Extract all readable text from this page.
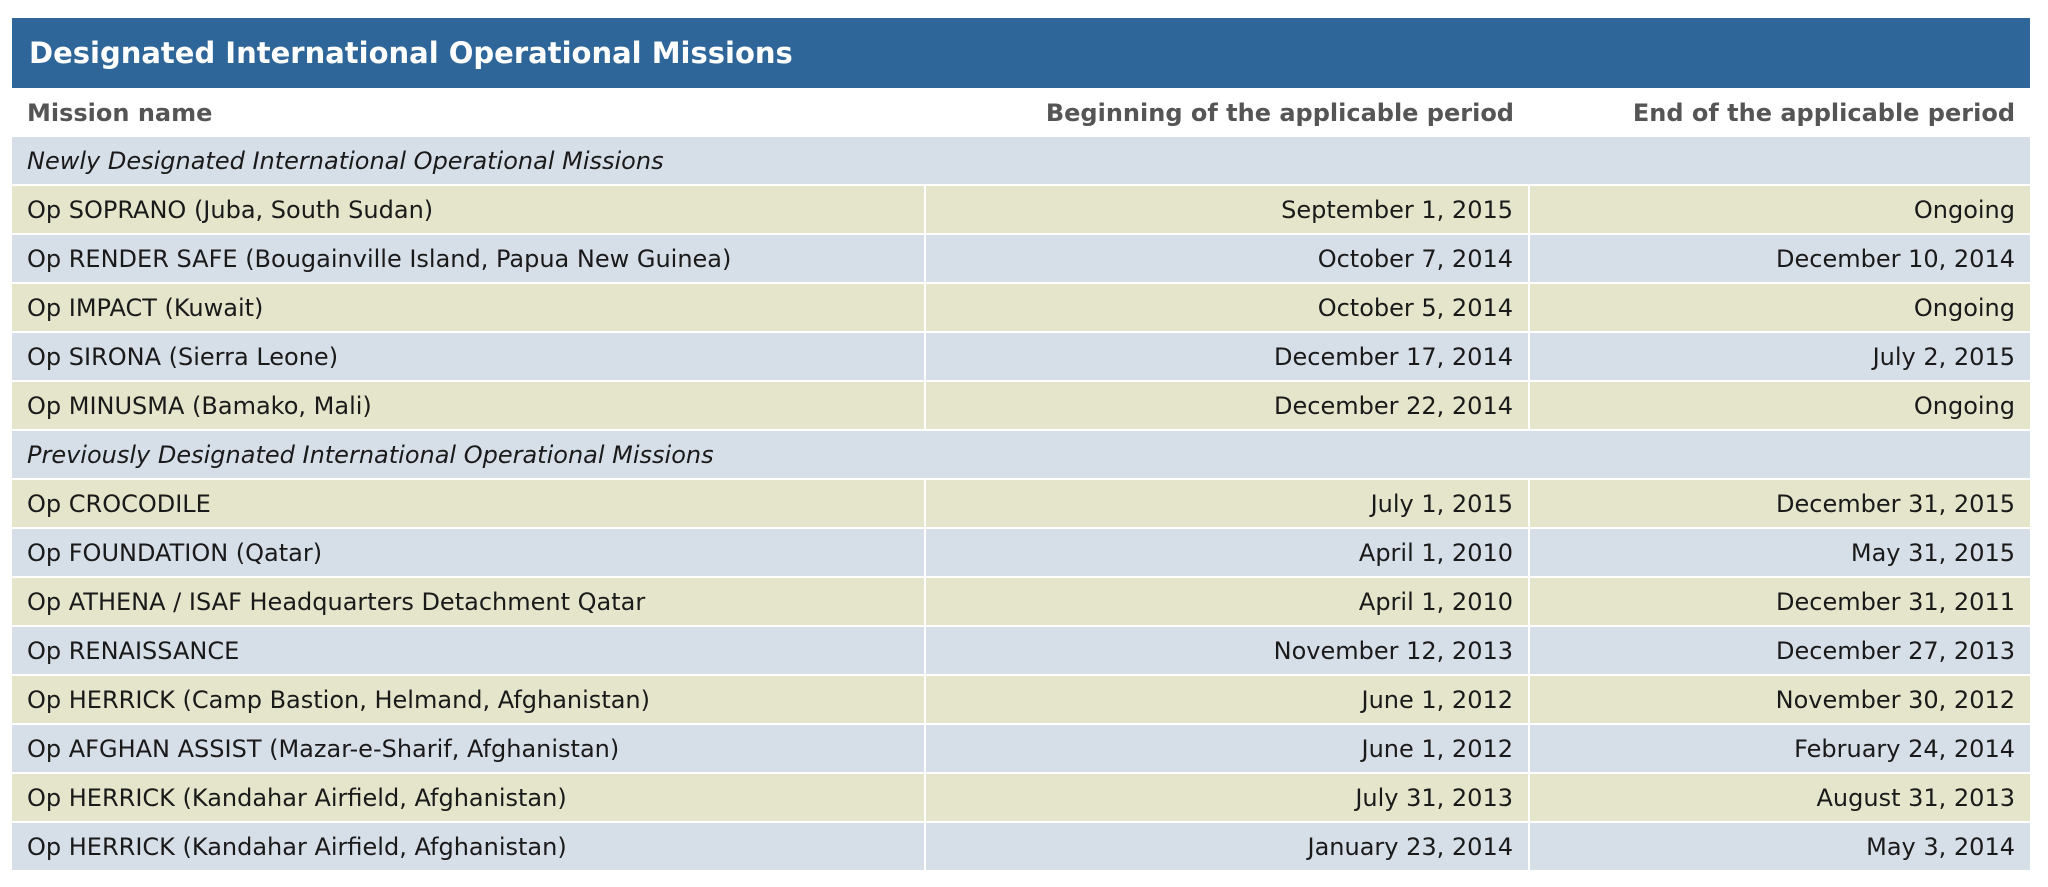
Designated International Operational Missions
Mission name	Beginning of the applicable period	End of the applicable period
Newly Designated International Operational Missions		
Op SOPRANO (Juba, South Sudan)	September 1, 2015	Ongoing
Op RENDER SAFE (Bougainville Island, Papua New Guinea)	October 7, 2014	December 10, 2014
Op IMPACT (Kuwait)	October 5, 2014	Ongoing
Op SIRONA (Sierra Leone)	December 17, 2014	July 2, 2015
Op MINUSMA (Bamako, Mali)	December 22, 2014	Ongoing
Previously Designated International Operational Missions		
Op CROCODILE	July 1, 2015	December 31, 2015
Op FOUNDATION (Qatar)	April 1, 2010	May 31, 2015
Op ATHENA / ISAF Headquarters Detachment Qatar	April 1, 2010	December 31, 2011
Op RENAISSANCE	November 12, 2013	December 27, 2013
Op HERRICK (Camp Bastion, Helmand, Afghanistan)	June 1, 2012	November 30, 2012
Op AFGHAN ASSIST (Mazar-e-Sharif, Afghanistan)	June 1, 2012	February 24, 2014
Op HERRICK (Kandahar Airfield, Afghanistan)	July 31, 2013	August 31, 2013
Op HERRICK (Kandahar Airfield, Afghanistan)	January 23, 2014	May 3, 2014
